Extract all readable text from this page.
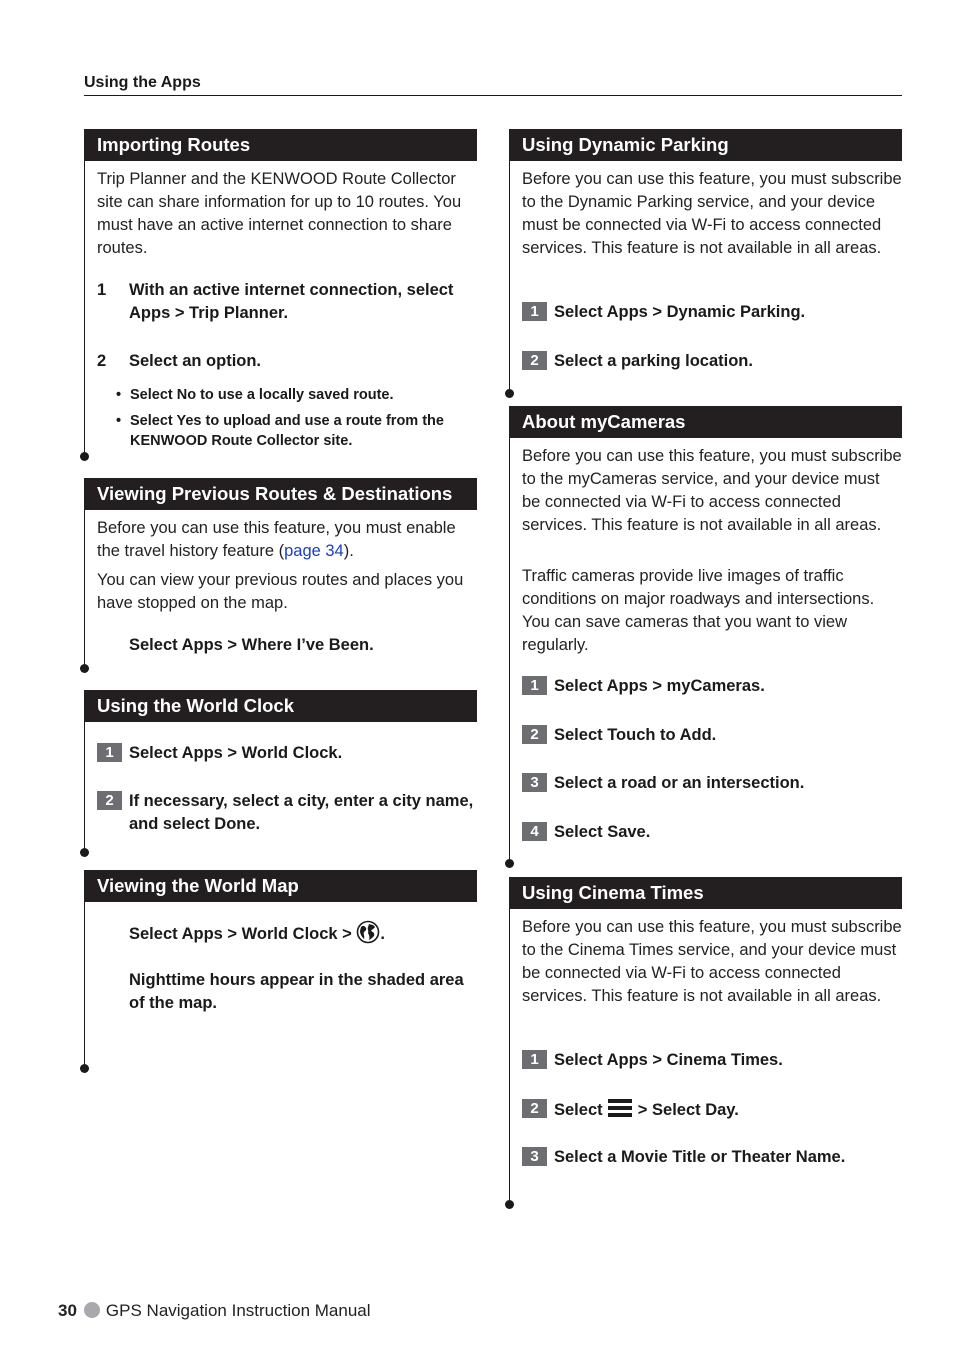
Using the Apps
Importing Routes
Trip Planner and the KENWOOD Route Collector site can share information for up to 10 routes. You must have an active internet connection to share routes.
1	With an active internet connection, select Apps > Trip Planner.
2	Select an option.
• Select No to use a locally saved route.
• Select Yes to upload and use a route from the KENWOOD Route Collector site.
Viewing Previous Routes & Destinations
Before you can use this feature, you must enable the travel history feature (page 34).
You can view your previous routes and places you have stopped on the map.
Select Apps > Where I’ve Been.
Using the World Clock
1 Select Apps > World Clock.
2 If necessary, select a city, enter a city name, and select Done.
Viewing the World Map
Select Apps > World Clock > .
Nighttime hours appear in the shaded area of the map.
Using Dynamic Parking
Before you can use this feature, you must subscribe to the Dynamic Parking service, and your device must be connected via W-Fi to access connected services. This feature is not available in all areas.
1 Select Apps > Dynamic Parking.
2 Select a parking location.
About myCameras
Before you can use this feature, you must subscribe to the myCameras service, and your device must be connected via W-Fi to access connected services. This feature is not available in all areas.
Traffic cameras provide live images of traffic conditions on major roadways and intersections. You can save cameras that you want to view regularly.
1 Select Apps > myCameras.
2 Select Touch to Add.
3 Select a road or an intersection.
4 Select Save.
Using Cinema Times
Before you can use this feature, you must subscribe to the Cinema Times service, and your device must be connected via W-Fi to access connected services. This feature is not available in all areas.
1 Select Apps > Cinema Times.
2 Select  > Select Day.
3 Select a Movie Title or Theater Name.
30 GPS Navigation Instruction Manual
